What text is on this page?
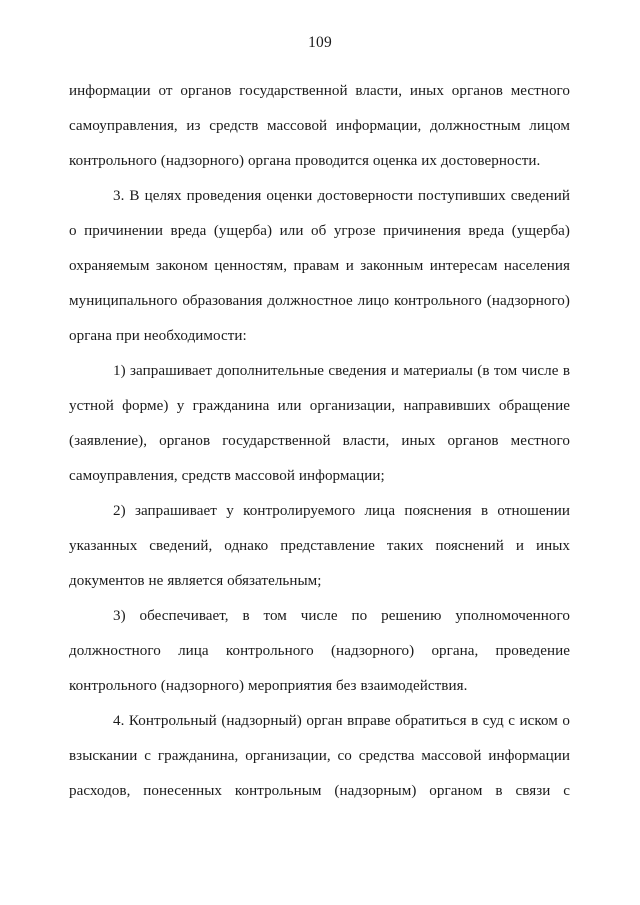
109

информации от органов государственной власти, иных органов местного самоуправления, из средств массовой информации, должностным лицом контрольного (надзорного) органа проводится оценка их достоверности.

3. В целях проведения оценки достоверности поступивших сведений о причинении вреда (ущерба) или об угрозе причинения вреда (ущерба) охраняемым законом ценностям, правам и законным интересам населения муниципального образования должностное лицо контрольного (надзорного) органа при необходимости:

1) запрашивает дополнительные сведения и материалы (в том числе в устной форме) у гражданина или организации, направивших обращение (заявление), органов государственной власти, иных органов местного самоуправления, средств массовой информации;

2) запрашивает у контролируемого лица пояснения в отношении указанных сведений, однако представление таких пояснений и иных документов не является обязательным;

3) обеспечивает, в том числе по решению уполномоченного должностного лица контрольного (надзорного) органа, проведение контрольного (надзорного) мероприятия без взаимодействия.

4. Контрольный (надзорный) орган вправе обратиться в суд с иском о взыскании с гражданина, организации, со средства массовой информации расходов, понесенных контрольным (надзорным) органом в связи с
